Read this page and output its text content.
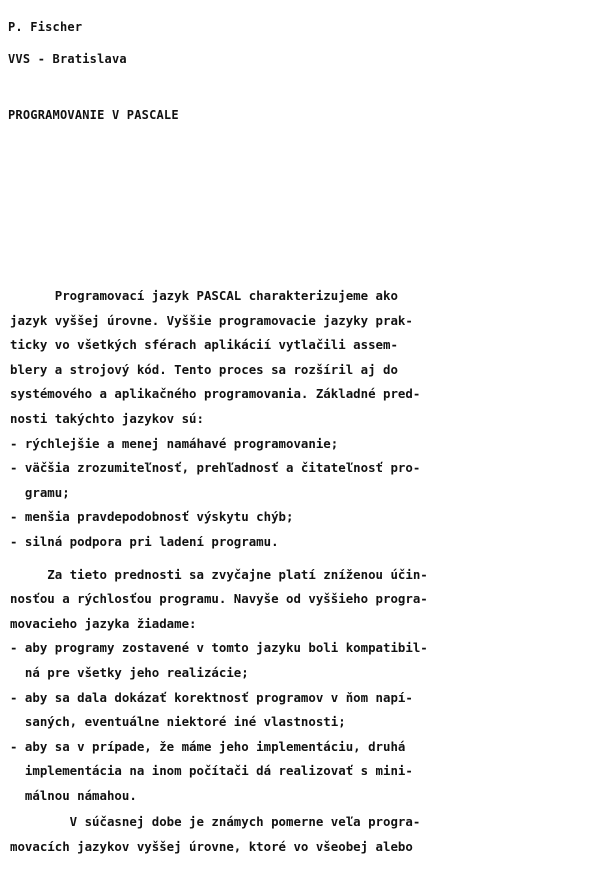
P. Fischer
VVS - Bratislava
PROGRAMOVANIE V PASCALE
Programovací jazyk PASCAL charakterizujeme ako
jazyk vyššej úrovne. Vyššie programovacie jazyky prak-
ticky vo všetkých sférach aplikácií vytlačili assem-
blery a strojový kód. Tento proces sa rozšíril aj do
systémového a aplikačného programovania. Základné pred-
nosti takýchto jazykov sú:
- rýchlejšie a menej namáhavé programovanie;
- väčšia zrozumiteľnosť, prehľadnosť a čitateľnosť pro-
gramu;
- menšia pravdepodobnosť výskytu chýb;
- silná podpora pri ladení programu.
Za tieto prednosti sa zvyčajne platí zníženou účin-
nosťou a rýchlosťou programu. Navyše od vyššieho progra-
movacieho jazyka žiadame:
- aby programy zostavené v tomto jazyku boli kompatibil-
ná pre všetky jeho realizácie;
- aby sa dala dokázať korektnosť programov v ňom napí-
saných, eventuálne niektoré iné vlastnosti;
- aby sa v prípade, že máme jeho implementáciu, druhá
implementácia na inom počítači dá realizovať s mini-
málnou námahou.
V súčasnej dobe je známych pomerne veľa progra-
movacích jazykov vyššej úrovne, ktoré vo všeobej alebo
